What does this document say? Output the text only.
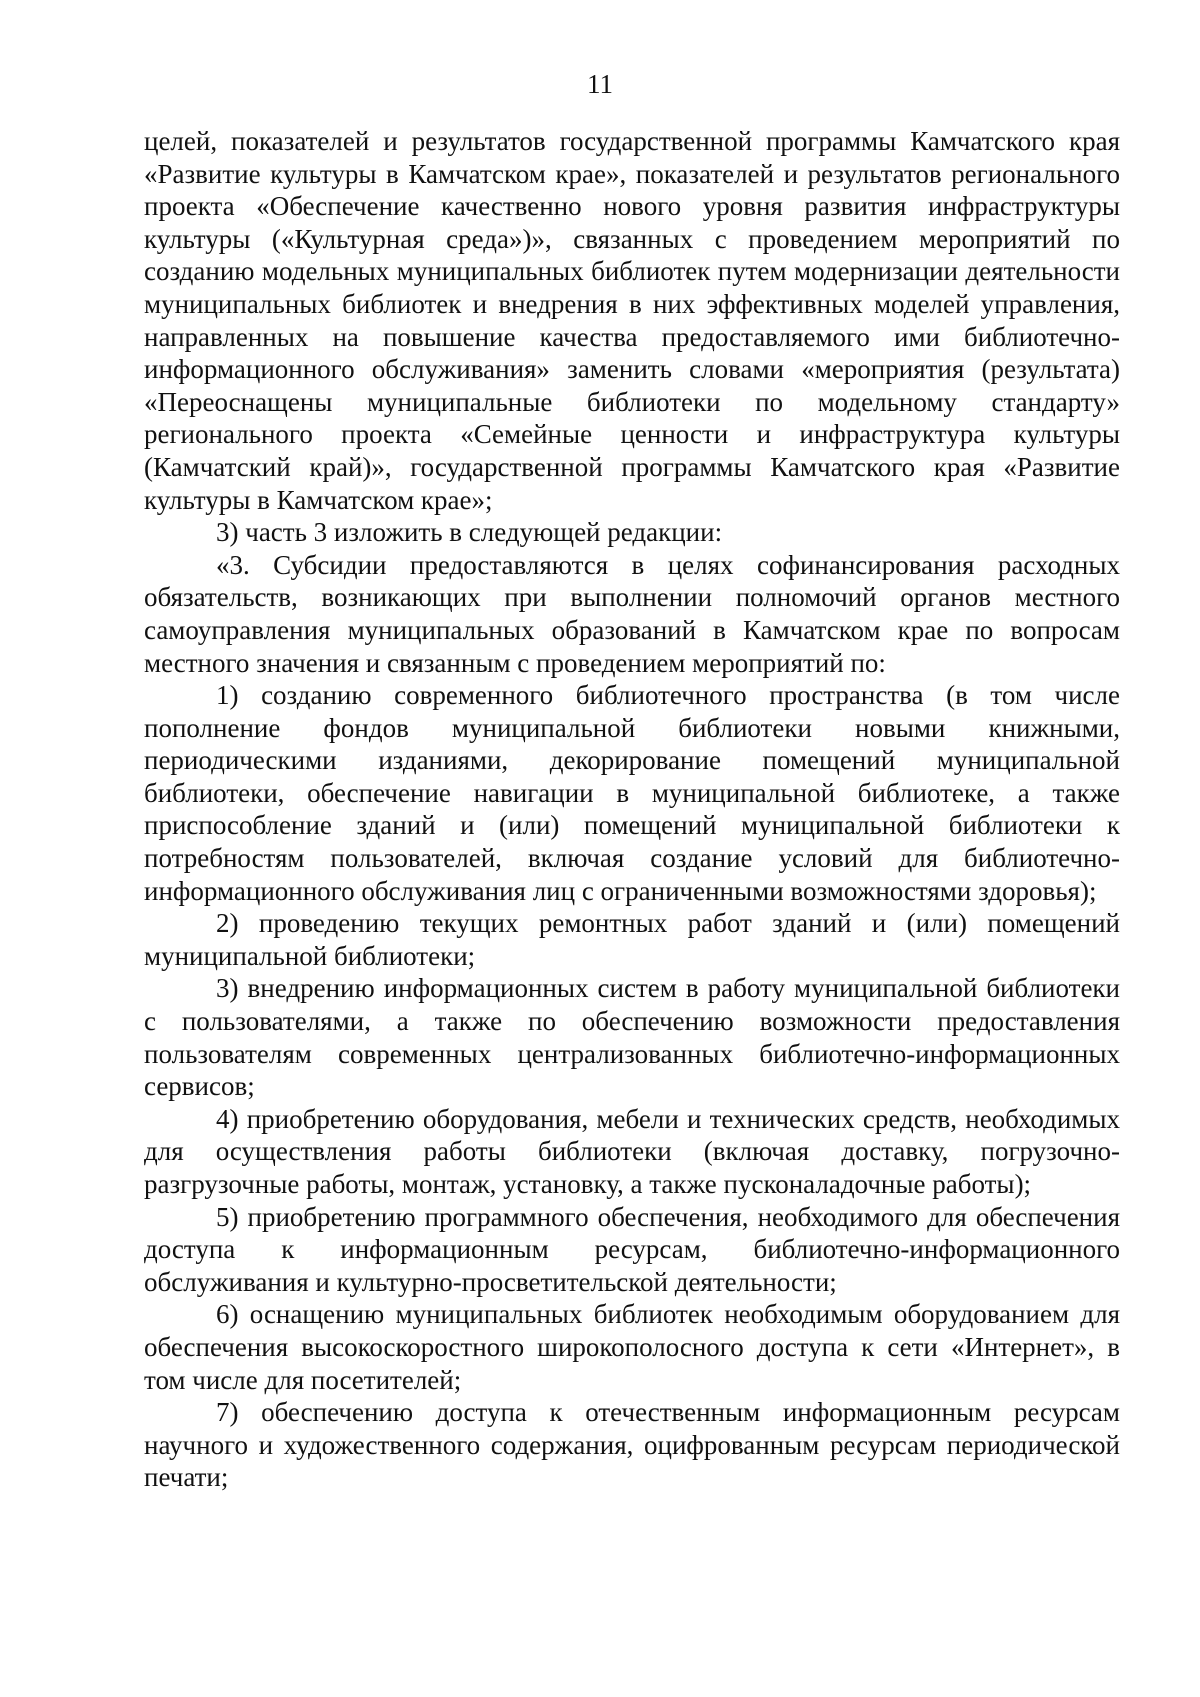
11

целей, показателей и результатов государственной программы Камчатского края «Развитие культуры в Камчатском крае», показателей и результатов регионального проекта «Обеспечение качественно нового уровня развития инфраструктуры культуры («Культурная среда»)», связанных с проведением мероприятий по созданию модельных муниципальных библиотек путем модернизации деятельности муниципальных библиотек и внедрения в них эффективных моделей управления, направленных на повышение качества предоставляемого ими библиотечно-информационного обслуживания» заменить словами «мероприятия (результата) «Переоснащены муниципальные библиотеки по модельному стандарту» регионального проекта «Семейные ценности и инфраструктура культуры (Камчатский край)», государственной программы Камчатского края «Развитие культуры в Камчатском крае»;

3) часть 3 изложить в следующей редакции:

«3. Субсидии предоставляются в целях софинансирования расходных обязательств, возникающих при выполнении полномочий органов местного самоуправления муниципальных образований в Камчатском крае по вопросам местного значения и связанным с проведением мероприятий по:

1) созданию современного библиотечного пространства (в том числе пополнение фондов муниципальной библиотеки новыми книжными, периодическими изданиями, декорирование помещений муниципальной библиотеки, обеспечение навигации в муниципальной библиотеке, а также приспособление зданий и (или) помещений муниципальной библиотеки к потребностям пользователей, включая создание условий для библиотечно-информационного обслуживания лиц с ограниченными возможностями здоровья);

2) проведению текущих ремонтных работ зданий и (или) помещений муниципальной библиотеки;

3) внедрению информационных систем в работу муниципальной библиотеки с пользователями, а также по обеспечению возможности предоставления пользователям современных централизованных библиотечно-информационных сервисов;

4) приобретению оборудования, мебели и технических средств, необходимых для осуществления работы библиотеки (включая доставку, погрузочно-разгрузочные работы, монтаж, установку, а также пусконаладочные работы);

5) приобретению программного обеспечения, необходимого для обеспечения доступа к информационным ресурсам, библиотечно-информационного обслуживания и культурно-просветительской деятельности;

6) оснащению муниципальных библиотек необходимым оборудованием для обеспечения высокоскоростного широкополосного доступа к сети «Интернет», в том числе для посетителей;

7) обеспечению доступа к отечественным информационным ресурсам научного и художественного содержания, оцифрованным ресурсам периодической печати;
